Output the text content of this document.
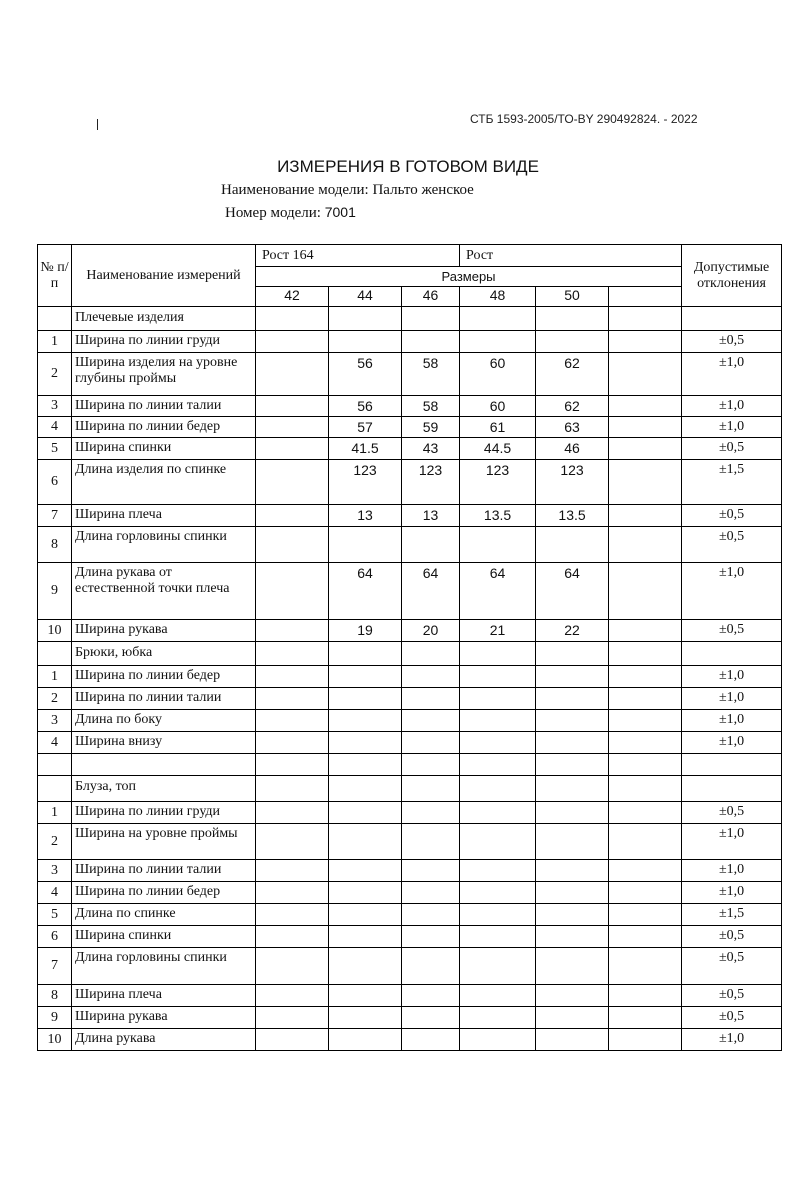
СТБ 1593-2005/ТО-BY 290492824. - 2022
ИЗМЕРЕНИЯ В ГОТОВОМ ВИДЕ
Наименование модели: Пальто женское
Номер модели: 7001
№ п/п	Наименование измерений	Рост 164			Рост			Допустимые отклонения
		Размеры						
		42	44	46	48	50		
	Плечевые изделия							
1	Ширина по линии груди							±0,5
2	Ширина изделия на уровне глубины проймы		56	58	60	62		±1,0
3	Ширина по линии талии		56	58	60	62		±1,0
4	Ширина по линии бедер		57	59	61	63		±1,0
5	Ширина спинки		41.5	43	44.5	46		±0,5
6	Длина изделия по спинке		123	123	123	123		±1,5
7	Ширина плеча		13	13	13.5	13.5		±0,5
8	Длина горловины спинки							±0,5
9	Длина рукава от естественной точки плеча		64	64	64	64		±1,0
10	Ширина рукава		19	20	21	22		±0,5
	Брюки, юбка							
1	Ширина по линии бедер							±1,0
2	Ширина по линии талии							±1,0
3	Длина по боку							±1,0
4	Ширина внизу							±1,0

	Блуза, топ							
1	Ширина по линии груди							±0,5
2	Ширина на уровне проймы							±1,0
3	Ширина по линии талии							±1,0
4	Ширина по линии бедер							±1,0
5	Длина по спинке							±1,5
6	Ширина спинки							±0,5
7	Длина горловины спинки							±0,5
8	Ширина плеча							±0,5
9	Ширина рукава							±0,5
10	Длина рукава							±1,0
